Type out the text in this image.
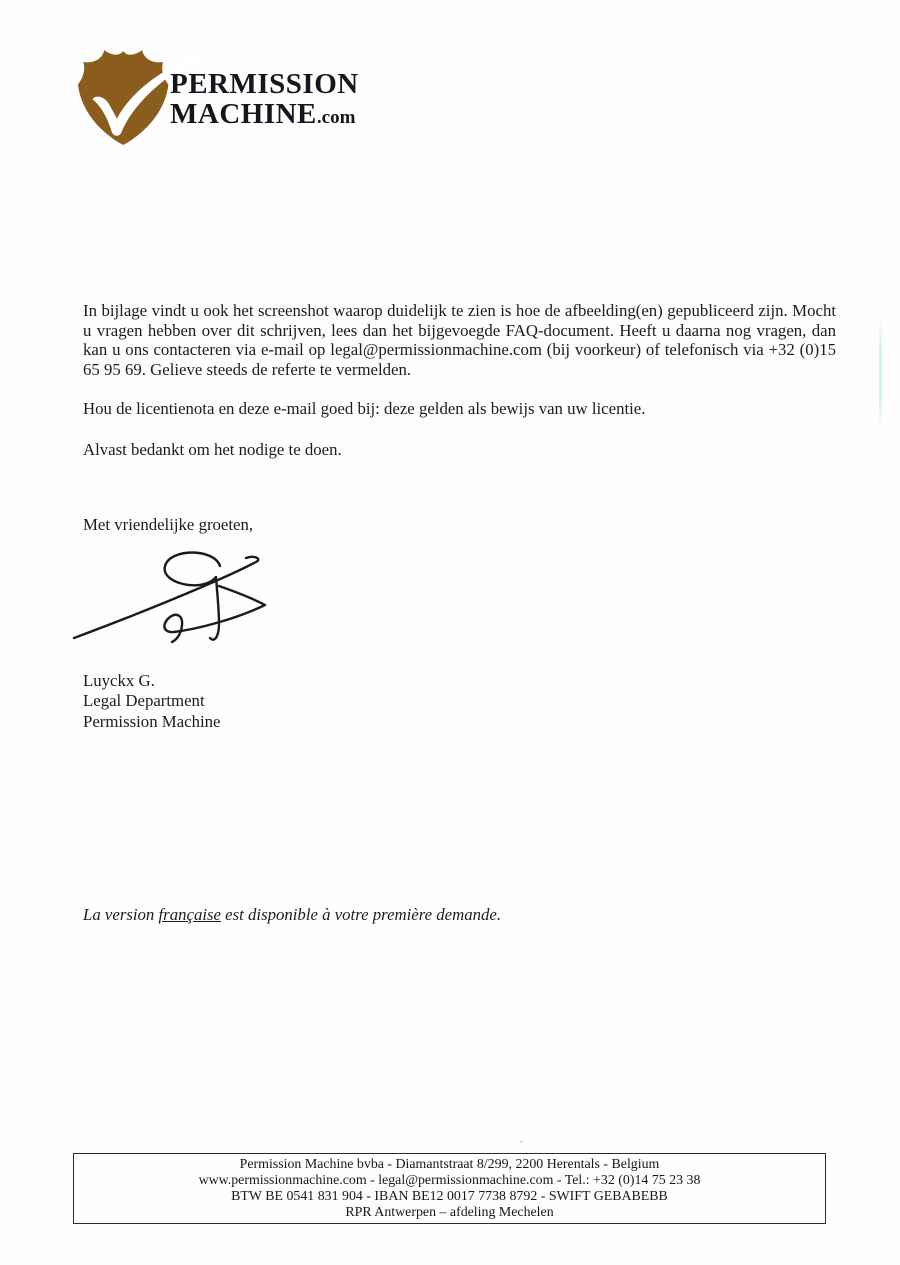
PERMISSION
MACHINE.com

In bijlage vindt u ook het screenshot waarop duidelijk te zien is hoe de afbeelding(en) gepubliceerd zijn. Mocht u vragen hebben over dit schrijven, lees dan het bijgevoegde FAQ-document. Heeft u daarna nog vragen, dan kan u ons contacteren via e-mail op legal@permissionmachine.com (bij voorkeur) of telefonisch via +32 (0)15 65 95 69. Gelieve steeds de referte te vermelden.

Hou de licentienota en deze e-mail goed bij: deze gelden als bewijs van uw licentie.

Alvast bedankt om het nodige te doen.

Met vriendelijke groeten,

Luyckx G.
Legal Department
Permission Machine
La version française est disponible à votre première demande.
Permission Machine bvba - Diamantstraat 8/299, 2200 Herentals - Belgium
www.permissionmachine.com - legal@permissionmachine.com - Tel.: +32 (0)14 75 23 38
BTW BE 0541 831 904 - IBAN BE12 0017 7738 8792 - SWIFT GEBABEBB
RPR Antwerpen – afdeling Mechelen
